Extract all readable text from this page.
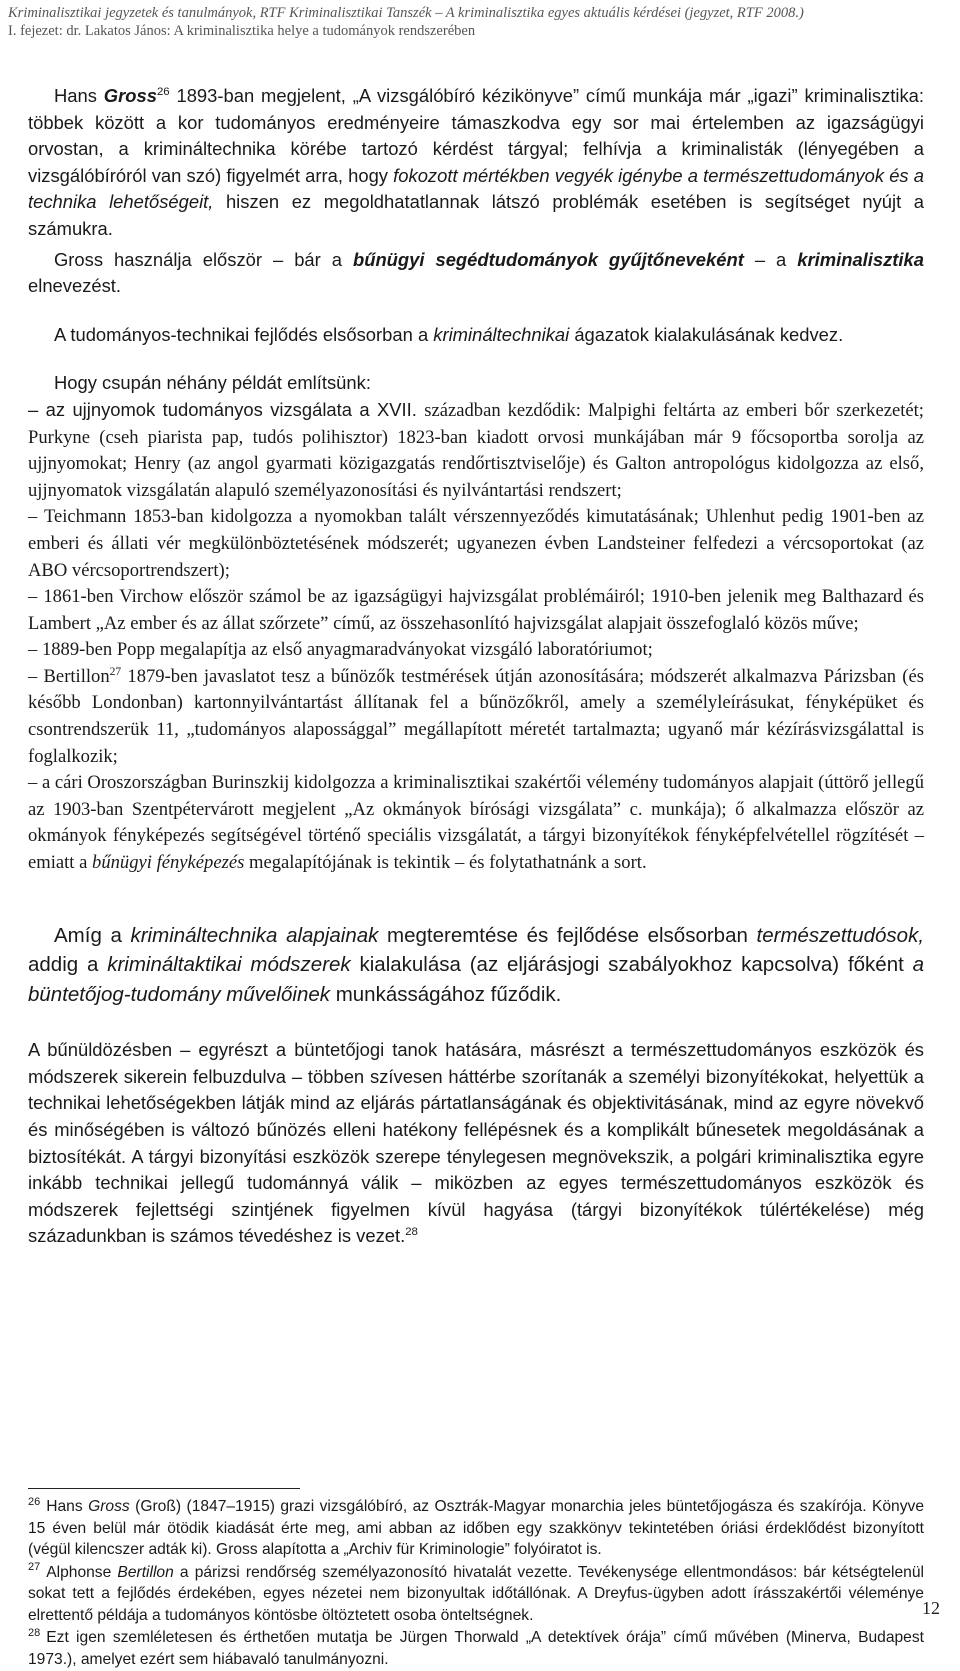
Kriminalisztikai jegyzetek és tanulmányok, RTF Kriminalisztikai Tanszék – A kriminalisztika egyes aktuális kérdései (jegyzet, RTF 2008.)
I. fejezet: dr. Lakatos János: A kriminalisztika helye a tudományok rendszerében

Hans Gross$^{26}$ 1893-ban megjelent, „A vizsgálóbíró kézikönyve” című munkája már „igazi” kriminalisztika: többek között a kor tudományos eredményeire támaszkodva egy sor mai értelemben az igazságügyi orvostan, a krimináltechnika körébe tartozó kérdést tárgyal; felhívja a kriminalisták (lényegében a vizsgálóbíróról van szó) figyelmét arra, hogy fokozott mértékben vegyék igénybe a természettudományok és a technika lehetőségeit, hiszen ez megoldhatatlannak látszó problémák esetében is segítséget nyújt a számukra.

Gross használja először – bár a bűnügyi segédtudományok gyűjtőneveként – a kriminalisztika elnevezést.

A tudományos-technikai fejlődés elsősorban a krimináltechnikai ágazatok kialakulásának kedvez.

Hogy csupán néhány példát említsünk:

– az ujjnyomok tudományos vizsgálata a XVII. században kezdődik: Malpighi feltárta az emberi bőr szerkezetét; Purkyne (cseh piarista pap, tudós polihisztor) 1823-ban kiadott orvosi munkájában már 9 főcsoportba sorolja az ujjnyomokat; Henry (az angol gyarmati közigazgatás rendőrtisztviselője) és Galton antropológus kidolgozza az első, ujjnyomatok vizsgálatán alapuló személyazonosítási és nyilvántartási rendszert;

– Teichmann 1853-ban kidolgozza a nyomokban talált vérszennyeződés kimutatásának; Uhlenhut pedig 1901-ben az emberi és állati vér megkülönböztetésének módszerét; ugyanezen évben Landsteiner felfedezi a vércsoportokat (az ABO vércsoportrendszert);

– 1861-ben Virchow először számol be az igazságügyi hajvizsgálat problémáiról; 1910-ben jelenik meg Balthazard és Lambert „Az ember és az állat szőrzete” című, az összehasonlító hajvizsgálat alapjait összefoglaló közös műve;

– 1889-ben Popp megalapítja az első anyagmaradványokat vizsgáló laboratóriumot;

– Bertillon$^{27}$ 1879-ben javaslatot tesz a bűnözők testmérések útján azonosítására; módszerét alkalmazva Párizsban (és később Londonban) kartonnyilvántartást állítanak fel a bűnözőkről, amely a személyleírásukat, fényképüket és csontrendszerük 11, „tudományos alapossággal” megállapított méretét tartalmazta; ugyanő már kézírásvizsgálattal is foglalkozik;

– a cári Oroszországban Burinszkij kidolgozza a kriminalisztikai szakértői vélemény tudományos alapjait (úttörő jellegű az 1903-ban Szentpétervárott megjelent „Az okmányok bírósági vizsgálata” c. munkája); ő alkalmazza először az okmányok fényképezés segítségével történő speciális vizsgálatát, a tárgyi bizonyítékok fényképfelvétellel rögzítését – emiatt a bűnügyi fényképezés megalapítójának is tekintik – és folytathatnánk a sort.

Amíg a krimináltechnika alapjainak megteremtése és fejlődése elsősorban természettudósok, addig a krimináltaktikai módszerek kialakulása (az eljárásjogi szabályokhoz kapcsolva) főként a büntetőjog-tudomány művelőinek munkásságához fűződik.

A bűnüldözésben – egyrészt a büntetőjogi tanok hatására, másrészt a természettudományos eszközök és módszerek sikerein felbuzdulva – többen szívesen háttérbe szorítanák a személyi bizonyítékokat, helyettük a technikai lehetőségekben látják mind az eljárás pártatlanságának és objektivitásának, mind az egyre növekvő és minőségében is változó bűnözés elleni hatékony fellépésnek és a komplikált bűnesetek megoldásának a biztosítékát. A tárgyi bizonyítási eszközök szerepe ténylegesen megnövekszik, a polgári kriminalisztika egyre inkább technikai jellegű tudománnyá válik – miközben az egyes természettudományos eszközök és módszerek fejlettségi szintjének figyelmen kívül hagyása (tárgyi bizonyítékok túlértékelése) még századunkban is számos tévedéshez is vezet.$^{28}$

$^{26}$ Hans Gross (Groß) (1847–1915) grazi vizsgálóbíró, az Osztrák-Magyar monarchia jeles büntetőjogásza és szakírója. Könyve 15 éven belül már ötödik kiadását érte meg, ami abban az időben egy szakkönyv tekintetében óriási érdeklődést bizonyított (végül kilencszer adták ki). Gross alapította a „Archiv für Kriminologie” folyóiratot is.

$^{27}$ Alphonse Bertillon a párizsi rendőrség személyazonosító hivatalát vezette. Tevékenysége ellentmondásos: bár kétségtelenül sokat tett a fejlődés érdekében, egyes nézetei nem bizonyultak időtállónak. A Dreyfus-ügyben adott írásszakértői véleménye elrettentő példája a tudományos köntösbe öltöztetett osoba önteltségnek.

$^{28}$ Ezt igen szemléletesen és érthetően mutatja be Jürgen Thorwald „A detektívek órája” című művében (Minerva, Budapest 1973.), amelyet ezért sem hiábavaló tanulmányozni.

12
